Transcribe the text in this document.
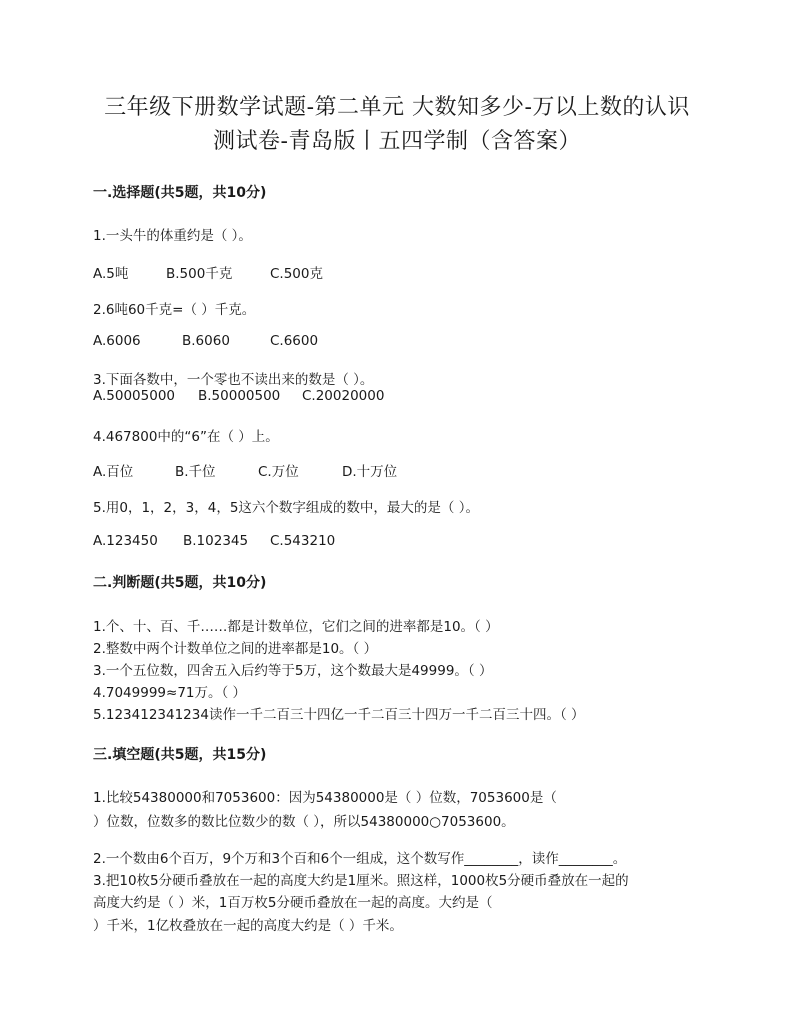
三年级下册数学试题-第二单元 大数知多少-万以上数的认识
测试卷-青岛版丨五四学制（含答案）
一.选择题(共5题，共10分)
1.一头牛的体重约是（ ）。
A.5吨	B.500千克	C.500克
2.6吨60千克=（ ）千克。
A.6006	B.6060	C.6600
3.下面各数中，一个零也不读出来的数是（ ）。
A.50005000 B.50000500 C.20020000
4.467800中的“6”在（ ）上。
A.百位	B.千位	C.万位	D.十万位
5.用0，1，2，3，4，5这六个数字组成的数中，最大的是（ ）。
A.123450 B.102345 C.543210
二.判断题(共5题，共10分)
1.个、十、百、千……都是计数单位，它们之间的进率都是10。（ ）
2.整数中两个计数单位之间的进率都是10。（ ）
3.一个五位数，四舍五入后约等于5万，这个数最大是49999。（ ）
4.7049999≈71万。（ ）
5.123412341234读作一千二百三十四亿一千二百三十四万一千二百三十四。（ ）
三.填空题(共5题，共15分)
1.比较54380000和7053600：因为54380000是（ ）位数，7053600是（
）位数，位数多的数比位数少的数（ ），所以54380000○7053600。
2.一个数由6个百万，9个万和3个百和6个一组成，这个数写作________，读作________。
3.把10枚5分硬币叠放在一起的高度大约是1厘米。照这样，1000枚5分硬币叠放在一起的
高度大约是（ ）米，1百万枚5分硬币叠放在一起的高度。大约是（
）千米，1亿枚叠放在一起的高度大约是（ ）千米。
